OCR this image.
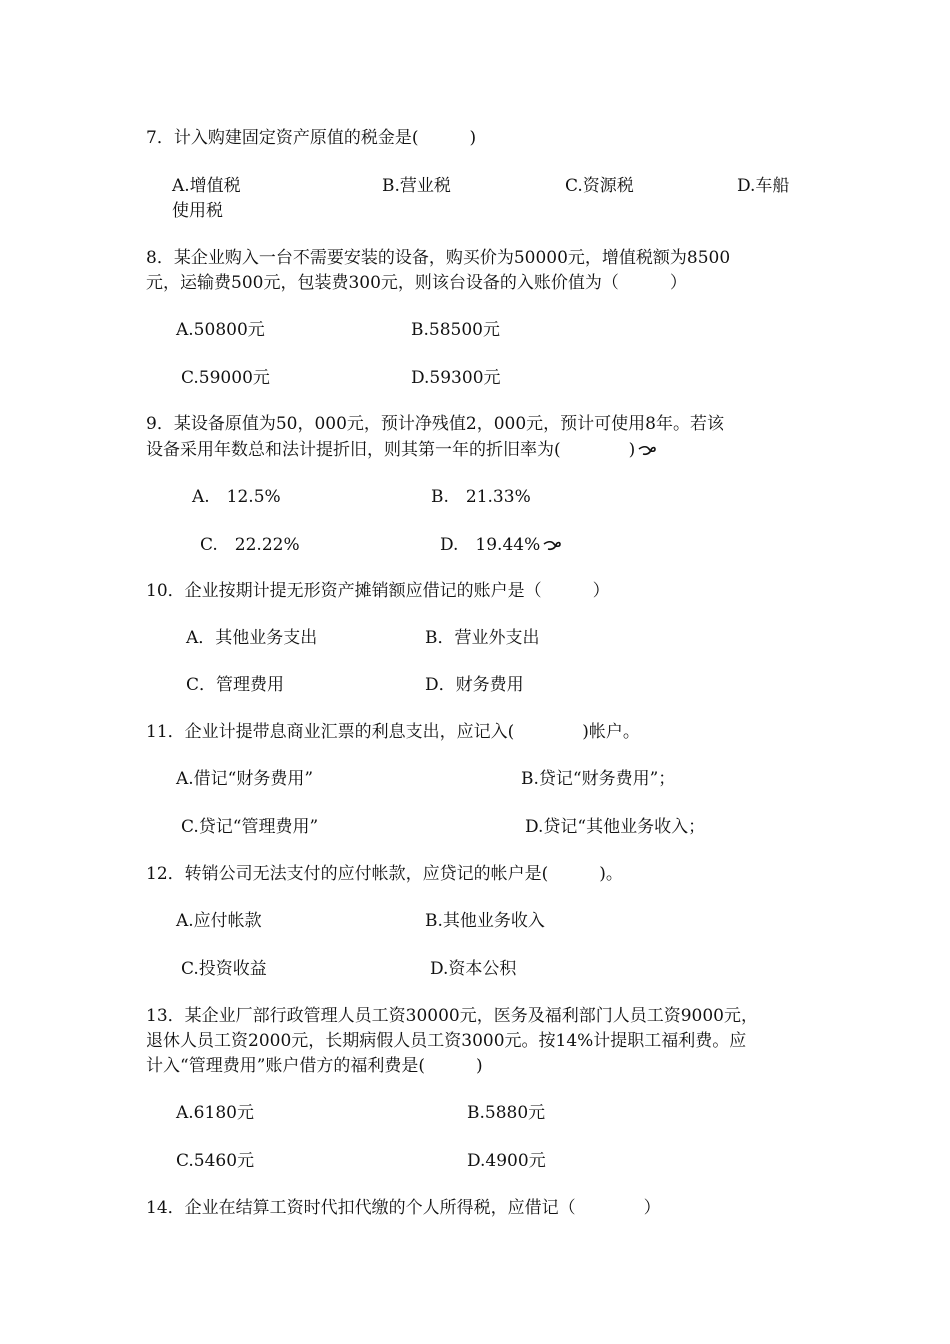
7．计入购建固定资产原值的税金是(　　　)
A.增值税	B.营业税	C.资源税	D.车船
使用税
8．某企业购入一台不需要安装的设备，购买价为50000元，增值税额为8500
元，运输费500元，包装费300元，则该台设备的入账价值为（　　　）
A.50800元	B.58500元
C.59000元	D.59300元
9．某设备原值为50，000元，预计净残值2，000元，预计可使用8年。若该
设备采用年数总和法计提折旧，则其第一年的折旧率为(　　　　)
A.　12.5%	B.　21.33%
C.　22.22%	D.　19.44%
10．企业按期计提无形资产摊销额应借记的账户是（　　　）
A．其他业务支出	B．营业外支出
C．管理费用	D．财务费用
11．企业计提带息商业汇票的利息支出，应记入(　　　　)帐户。
A.借记“财务费用”	B.贷记“财务费用”；
C.贷记“管理费用”	D.贷记“其他业务收入；
12．转销公司无法支付的应付帐款，应贷记的帐户是(　　　)。
A.应付帐款	B.其他业务收入
C.投资收益	D.资本公积
13．某企业厂部行政管理人员工资30000元，医务及福利部门人员工资9000元，
退休人员工资2000元，长期病假人员工资3000元。按14%计提职工福利费。应
计入“管理费用”账户借方的福利费是(　　　)
A.6180元	B.5880元
C.5460元	D.4900元
14．企业在结算工资时代扣代缴的个人所得税，应借记（　　　　）
